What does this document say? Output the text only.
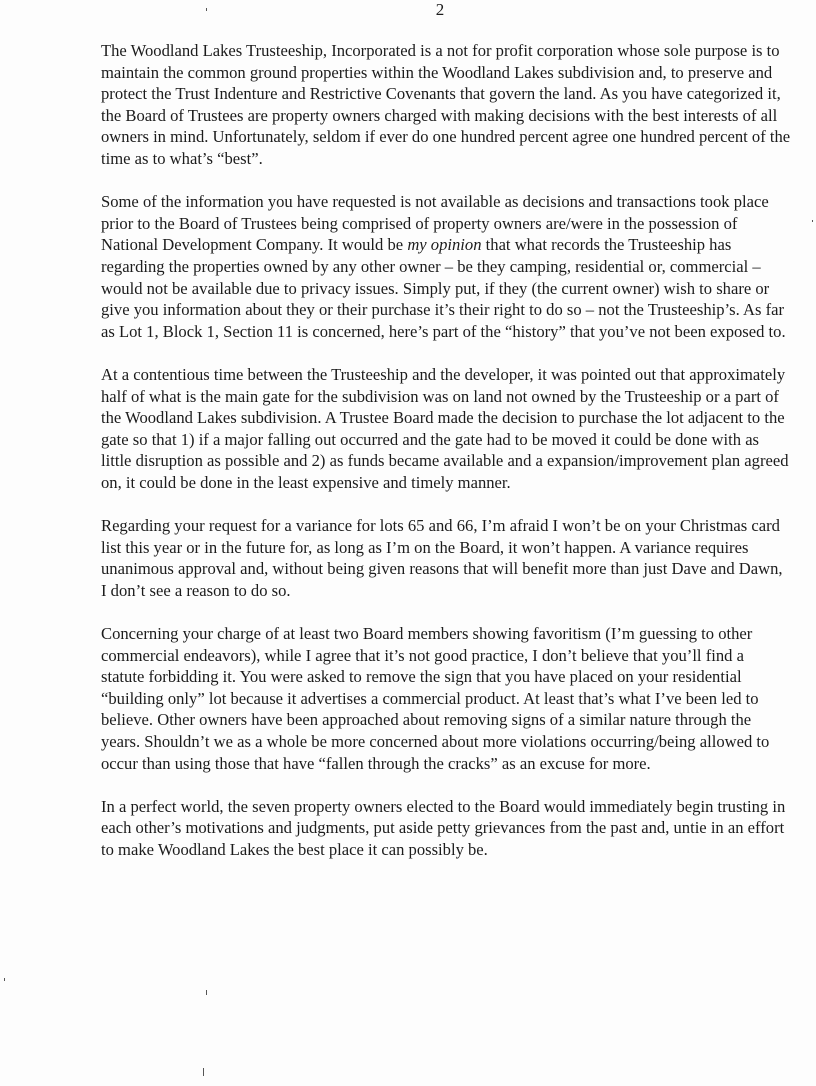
2

The Woodland Lakes Trusteeship, Incorporated is a not for profit corporation whose sole purpose is to maintain the common ground properties within the Woodland Lakes subdivision and, to preserve and protect the Trust Indenture and Restrictive Covenants that govern the land. As you have categorized it, the Board of Trustees are property owners charged with making decisions with the best interests of all owners in mind. Unfortunately, seldom if ever do one hundred percent agree one hundred percent of the time as to what’s “best”.

Some of the information you have requested is not available as decisions and transactions took place prior to the Board of Trustees being comprised of property owners are/were in the possession of National Development Company. It would be my opinion that what records the Trusteeship has regarding the properties owned by any other owner – be they camping, residential or, commercial – would not be available due to privacy issues. Simply put, if they (the current owner) wish to share or give you information about they or their purchase it’s their right to do so – not the Trusteeship’s. As far as Lot 1, Block 1, Section 11 is concerned, here’s part of the “history” that you’ve not been exposed to.

At a contentious time between the Trusteeship and the developer, it was pointed out that approximately half of what is the main gate for the subdivision was on land not owned by the Trusteeship or a part of the Woodland Lakes subdivision. A Trustee Board made the decision to purchase the lot adjacent to the gate so that 1) if a major falling out occurred and the gate had to be moved it could be done with as little disruption as possible and 2) as funds became available and a expansion/improvement plan agreed on, it could be done in the least expensive and timely manner.

Regarding your request for a variance for lots 65 and 66, I’m afraid I won’t be on your Christmas card list this year or in the future for, as long as I’m on the Board, it won’t happen. A variance requires unanimous approval and, without being given reasons that will benefit more than just Dave and Dawn, I don’t see a reason to do so.

Concerning your charge of at least two Board members showing favoritism (I’m guessing to other commercial endeavors), while I agree that it’s not good practice, I don’t believe that you’ll find a statute forbidding it. You were asked to remove the sign that you have placed on your residential “building only” lot because it advertises a commercial product. At least that’s what I’ve been led to believe. Other owners have been approached about removing signs of a similar nature through the years. Shouldn’t we as a whole be more concerned about more violations occurring/being allowed to occur than using those that have “fallen through the cracks” as an excuse for more.

In a perfect world, the seven property owners elected to the Board would immediately begin trusting in each other’s motivations and judgments, put aside petty grievances from the past and, untie in an effort to make Woodland Lakes the best place it can possibly be.
